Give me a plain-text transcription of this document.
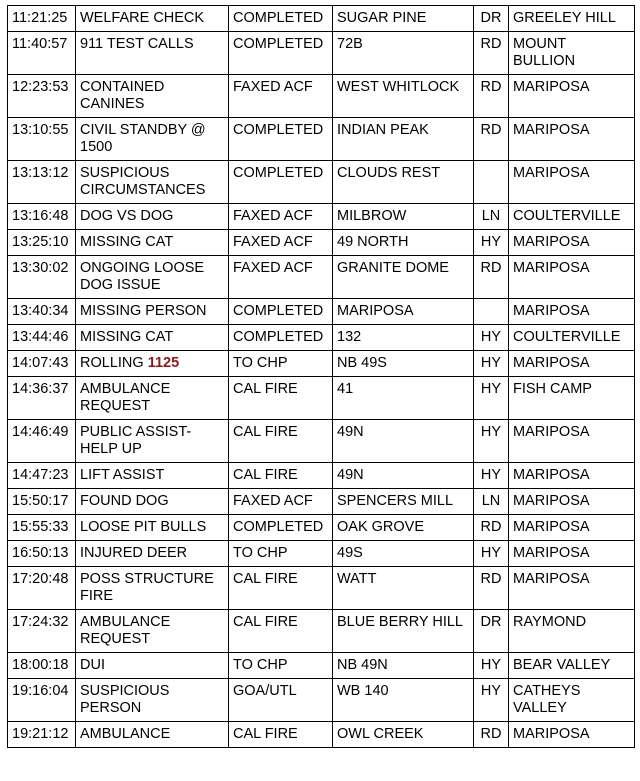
11:21:25	WELFARE CHECK	COMPLETED	SUGAR PINE	DR	GREELEY HILL
11:40:57	911 TEST CALLS	COMPLETED	72B	RD	MOUNT BULLION
12:23:53	CONTAINED CANINES	FAXED ACF	WEST WHITLOCK	RD	MARIPOSA
13:10:55	CIVIL STANDBY @ 1500	COMPLETED	INDIAN PEAK	RD	MARIPOSA
13:13:12	SUSPICIOUS CIRCUMSTANCES	COMPLETED	CLOUDS REST		MARIPOSA
13:16:48	DOG VS DOG	FAXED ACF	MILBROW	LN	COULTERVILLE
13:25:10	MISSING CAT	FAXED ACF	49 NORTH	HY	MARIPOSA
13:30:02	ONGOING LOOSE DOG ISSUE	FAXED ACF	GRANITE DOME	RD	MARIPOSA
13:40:34	MISSING PERSON	COMPLETED	MARIPOSA		MARIPOSA
13:44:46	MISSING CAT	COMPLETED	132	HY	COULTERVILLE
14:07:43	ROLLING 1125	TO CHP	NB 49S	HY	MARIPOSA
14:36:37	AMBULANCE REQUEST	CAL FIRE	41	HY	FISH CAMP
14:46:49	PUBLIC ASSIST-HELP UP	CAL FIRE	49N	HY	MARIPOSA
14:47:23	LIFT ASSIST	CAL FIRE	49N	HY	MARIPOSA
15:50:17	FOUND DOG	FAXED ACF	SPENCERS MILL	LN	MARIPOSA
15:55:33	LOOSE PIT BULLS	COMPLETED	OAK GROVE	RD	MARIPOSA
16:50:13	INJURED DEER	TO CHP	49S	HY	MARIPOSA
17:20:48	POSS STRUCTURE FIRE	CAL FIRE	WATT	RD	MARIPOSA
17:24:32	AMBULANCE REQUEST	CAL FIRE	BLUE BERRY HILL	DR	RAYMOND
18:00:18	DUI	TO CHP	NB 49N	HY	BEAR VALLEY
19:16:04	SUSPICIOUS PERSON	GOA/UTL	WB 140	HY	CATHEYS VALLEY
19:21:12	AMBULANCE	CAL FIRE	OWL CREEK	RD	MARIPOSA
